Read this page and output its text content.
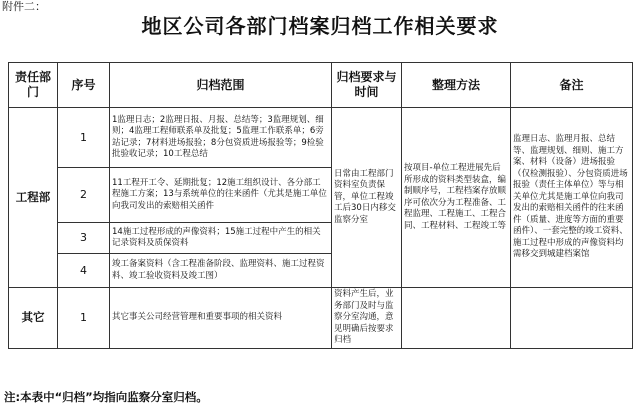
附件二：
地区公司各部门档案归档工作相关要求
责任部门	序号	归档范围	归档要求与时间	整理方法	备注
工程部	1	1监理日志；2监理日报、月报、总结等；3监理规划、细则；4监理工程师联系单及批复；5监理工作联系单；6旁站记录；7材料进场报验；8分包资质进场报验等；9检验批验收记录；10工程总结	日常由工程部门资料室负责保管，单位工程竣工后30日内移交监察分室	按项目-单位工程进展先后所形成的资料类型装盒，编制顺序号，工程档案存放顺序可依次分为工程准备、工程监理、工程施工、工程合同、工程材料、工程竣工等	监理日志、监理月报、总结等、监理规划、细则、施工方案、材料（设备）进场报验（仅检测报验）、分包资质进场报验（责任主体单位）等与相关单位尤其是施工单位向我司发出的索赔相关函件的往来函件（质量、进度等方面的重要函件）、一套完整的竣工资料、施工过程中形成的声像资料均需移交到城建档案馆
	2	11工程开工令、延期批复；12施工组织设计、各分部工程施工方案；13与系统单位的往来函件（尤其是施工单位向我司发出的索赔相关函件			
	3	14施工过程形成的声像资料；15施工过程中产生的相关记录资料及质保资料			
	4	竣工备案资料（含工程准备阶段、监理资料、施工过程资料、竣工验收资料及竣工图）			
其它	1	其它事关公司经营管理和重要事项的相关资料	资料产生后，业务部门及时与监察分室沟通，意见明确后按要求归档		
注:本表中“归档”均指向监察分室归档。
